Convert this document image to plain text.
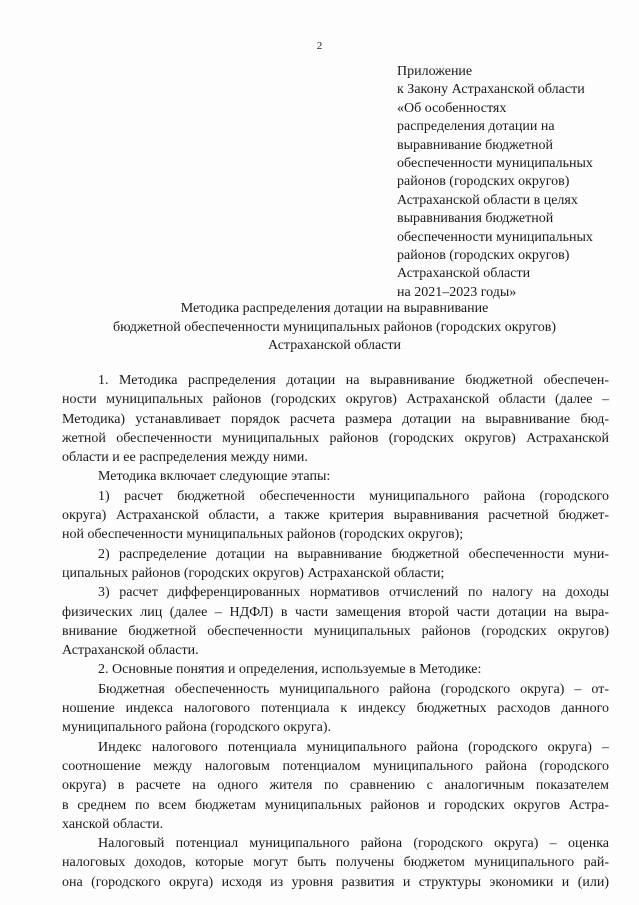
2
Приложение
к Закону Астраханской области
«Об особенностях
распределения дотации на
выравнивание бюджетной
обеспеченности муниципальных
районов (городских округов)
Астраханской области в целях
выравнивания бюджетной
обеспеченности муниципальных
районов (городских округов)
Астраханской области
на 2021–2023 годы»
Методика распределения дотации на выравнивание
бюджетной обеспеченности муниципальных районов (городских округов)
Астраханской области
1. Методика распределения дотации на выравнивание бюджетной обеспечен-
ности муниципальных районов (городских округов) Астраханской области (далее –
Методика) устанавливает порядок расчета размера дотации на выравнивание бюд-
жетной обеспеченности муниципальных районов (городских округов) Астраханской
области и ее распределения между ними.
Методика включает следующие этапы:
1) расчет бюджетной обеспеченности муниципального района (городского
округа) Астраханской области, а также критерия выравнивания расчетной бюджет-
ной обеспеченности муниципальных районов (городских округов);
2) распределение дотации на выравнивание бюджетной обеспеченности муни-
ципальных районов (городских округов) Астраханской области;
3) расчет дифференцированных нормативов отчислений по налогу на доходы
физических лиц (далее – НДФЛ) в части замещения второй части дотации на выра-
внивание бюджетной обеспеченности муниципальных районов (городских округов)
Астраханской области.
2. Основные понятия и определения, используемые в Методике:
Бюджетная обеспеченность муниципального района (городского округа) – от-
ношение индекса налогового потенциала к индексу бюджетных расходов данного
муниципального района (городского округа).
Индекс налогового потенциала муниципального района (городского округа) –
соотношение между налоговым потенциалом муниципального района (городского
округа) в расчете на одного жителя по сравнению с аналогичным показателем
в среднем по всем бюджетам муниципальных районов и городских округов Астра-
ханской области.
Налоговый потенциал муниципального района (городского округа) – оценка
налоговых доходов, которые могут быть получены бюджетом муниципального рай-
она (городского округа) исходя из уровня развития и структуры экономики и (или)
